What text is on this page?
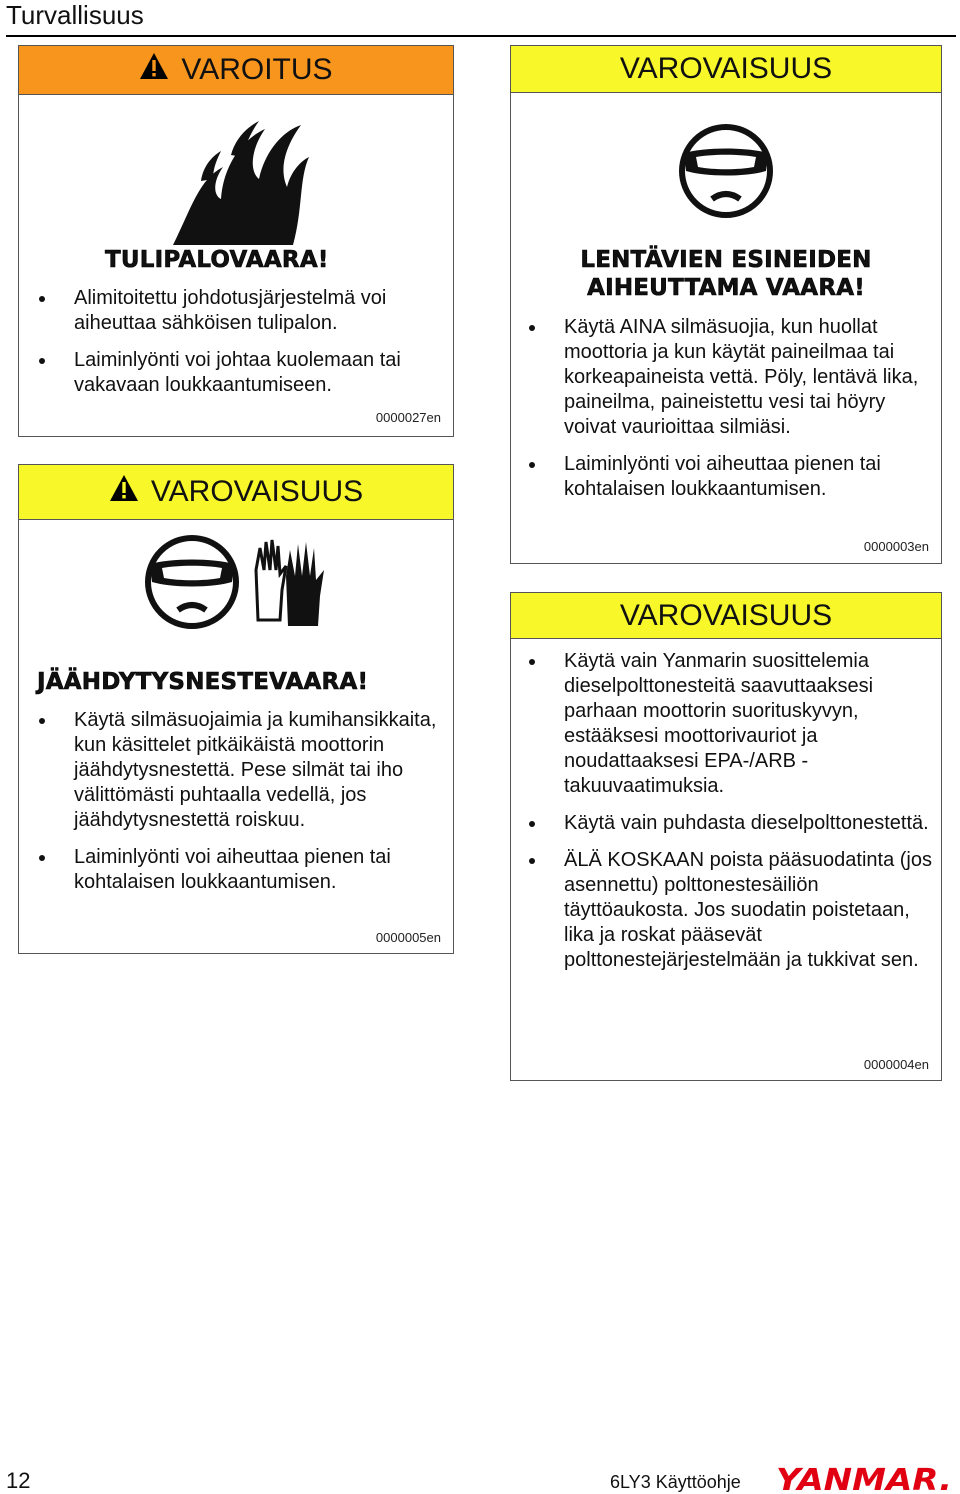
Turvallisuus
VAROITUS
TULIPALOVAARA!
Alimitoitettu johdotusjärjestelmä voi aiheuttaa sähköisen tulipalon.
Laiminlyönti voi johtaa kuolemaan tai vakavaan loukkaantumiseen.
0000027en
VAROVAISUUS
JÄÄHDYTYSNESTEVAARA!
Käytä silmäsuojaimia ja kumihansikkaita, kun käsittelet pitkäikäistä moottorin jäähdytysnestettä. Pese silmät tai iho välittömästi puhtaalla vedellä, jos jäähdytysnestettä roiskuu.
Laiminlyönti voi aiheuttaa pienen tai kohtalaisen loukkaantumisen.
0000005en
VAROVAISUUS
LENTÄVIEN ESINEIDEN
AIHEUTTAMA VAARA!
Käytä AINA silmäsuojia, kun huollat moottoria ja kun käytät paineilmaa tai korkeapaineista vettä. Pöly, lentävä lika, paineilma, paineistettu vesi tai höyry voivat vaurioittaa silmiäsi.
Laiminlyönti voi aiheuttaa pienen tai kohtalaisen loukkaantumisen.
0000003en
VAROVAISUUS
Käytä vain Yanmarin suosittelemia dieselpolttonesteitä saavuttaaksesi parhaan moottorin suorituskyvyn, estääksesi moottorivauriot ja noudattaaksesi EPA-/ARB - takuuvaatimuksia.
Käytä vain puhdasta dieselpolttonestettä.
ÄLÄ KOSKAAN poista pääsuodatinta (jos asennettu) polttonestesäiliön täyttöaukosta. Jos suodatin poistetaan, lika ja roskat pääsevät polttonestejärjestelmään ja tukkivat sen.
0000004en
12	6LY3 Käyttöohje YANMAR.
